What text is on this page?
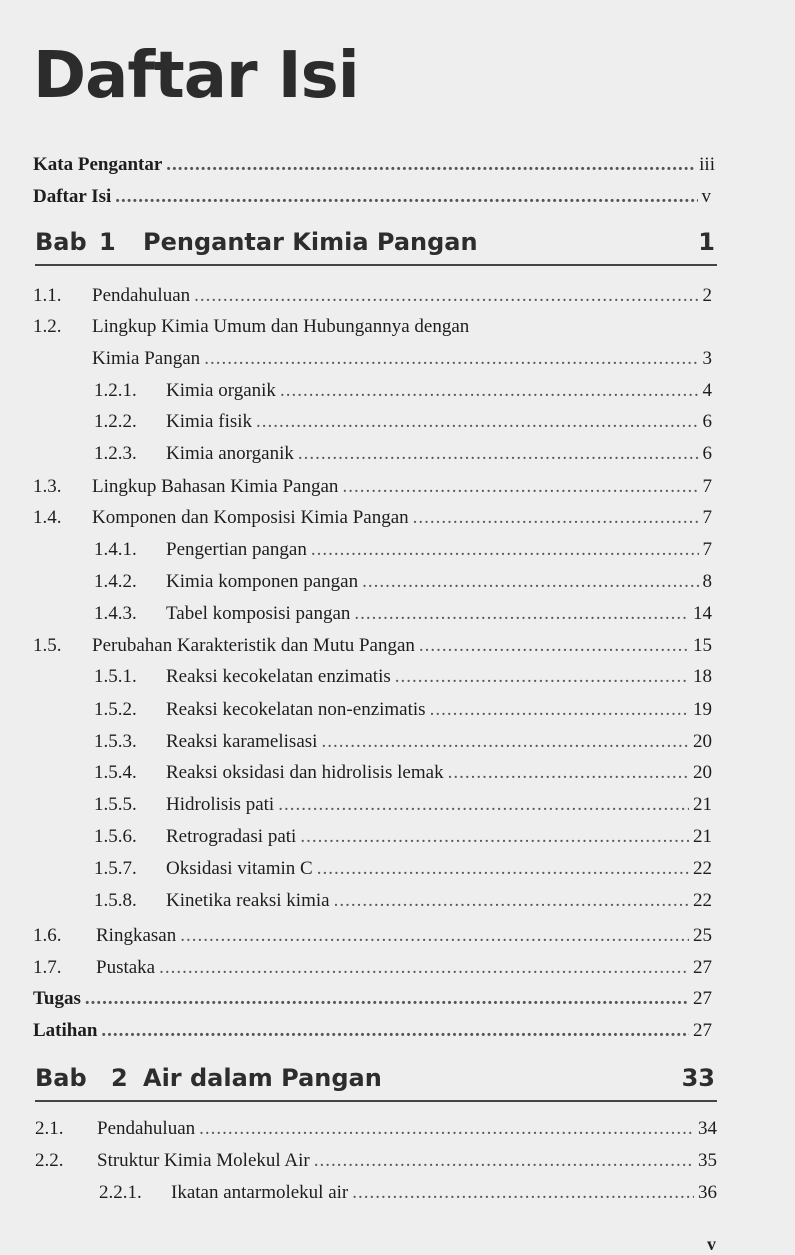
Daftar Isi
Kata Pengantar .....	iii
Daftar Isi .....	v
Bab 1 Pengantar Kimia Pangan	1
1.1. Pendahuluan .....	2
1.2. Lingkup Kimia Umum dan Hubungannya dengan
Kimia Pangan .....	3
1.2.1. Kimia organik .....	4
1.2.2. Kimia fisik .....	6
1.2.3. Kimia anorganik .....	6
1.3. Lingkup Bahasan Kimia Pangan .....	7
1.4. Komponen dan Komposisi Kimia Pangan .....	7
1.4.1. Pengertian pangan .....	7
1.4.2. Kimia komponen pangan .....	8
1.4.3. Tabel komposisi pangan .....	14
1.5. Perubahan Karakteristik dan Mutu Pangan .....	15
1.5.1. Reaksi kecokelatan enzimatis .....	18
1.5.2. Reaksi kecokelatan non-enzimatis .....	19
1.5.3. Reaksi karamelisasi .....	20
1.5.4. Reaksi oksidasi dan hidrolisis lemak .....	20
1.5.5. Hidrolisis pati .....	21
1.5.6. Retrogradasi pati .....	21
1.5.7. Oksidasi vitamin C .....	22
1.5.8. Kinetika reaksi kimia .....	22
1.6. Ringkasan .....	25
1.7. Pustaka .....	27
Tugas .....	27
Latihan .....	27
Bab 2 Air dalam Pangan	33
2.1. Pendahuluan .....	34
2.2. Struktur Kimia Molekul Air .....	35
2.2.1. Ikatan antarmolekul air .....	36
v
